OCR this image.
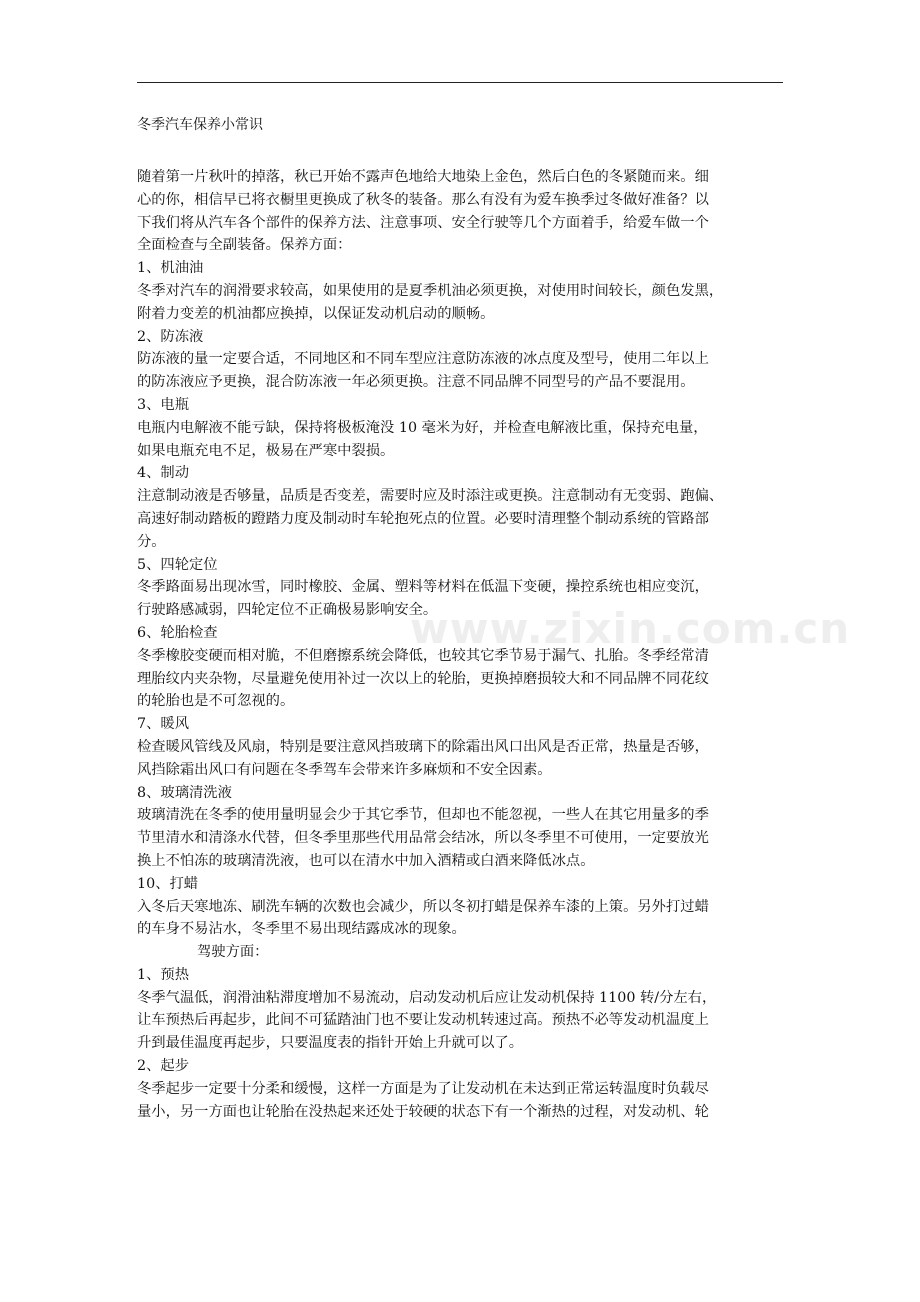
www.zixin.com.cn
冬季汽车保养小常识
随着第一片秋叶的掉落，秋已开始不露声色地给大地染上金色，然后白色的冬紧随而来。细
心的你，相信早已将衣橱里更换成了秋冬的装备。那么有没有为爱车换季过冬做好准备？以
下我们将从汽车各个部件的保养方法、注意事项、安全行驶等几个方面着手，给爱车做一个
全面检查与全副装备。保养方面：
1、机油油
冬季对汽车的润滑要求较高，如果使用的是夏季机油必须更换，对使用时间较长，颜色发黑，
附着力变差的机油都应换掉，以保证发动机启动的顺畅。
2、防冻液
防冻液的量一定要合适，不同地区和不同车型应注意防冻液的冰点度及型号，使用二年以上
的防冻液应予更换，混合防冻液一年必须更换。注意不同品牌不同型号的产品不要混用。
3、电瓶
电瓶内电解液不能亏缺，保持将极板淹没 10 毫米为好，并检查电解液比重，保持充电量，
如果电瓶充电不足，极易在严寒中裂损。
4、制动
注意制动液是否够量，品质是否变差，需要时应及时添注或更换。注意制动有无变弱、跑偏、
高速好制动踏板的蹬踏力度及制动时车轮抱死点的位置。必要时清理整个制动系统的管路部
分。
5、四轮定位
冬季路面易出现冰雪，同时橡胶、金属、塑料等材料在低温下变硬，操控系统也相应变沉，
行驶路感减弱，四轮定位不正确极易影响安全。
6、轮胎检查
冬季橡胶变硬而相对脆，不但磨擦系统会降低，也较其它季节易于漏气、扎胎。冬季经常清
理胎纹内夹杂物，尽量避免使用补过一次以上的轮胎，更换掉磨损较大和不同品牌不同花纹
的轮胎也是不可忽视的。
7、暖风
检查暖风管线及风扇，特别是要注意风挡玻璃下的除霜出风口出风是否正常，热量是否够，
风挡除霜出风口有问题在冬季驾车会带来许多麻烦和不安全因素。
8、玻璃清洗液
玻璃清洗在冬季的使用量明显会少于其它季节，但却也不能忽视，一些人在其它用量多的季
节里清水和清涤水代替，但冬季里那些代用品常会结冰，所以冬季里不可使用，一定要放光
换上不怕冻的玻璃清洗液，也可以在清水中加入酒精或白酒来降低冰点。
10、打蜡
入冬后天寒地冻、刷洗车辆的次数也会减少，所以冬初打蜡是保养车漆的上策。另外打过蜡
的车身不易沾水，冬季里不易出现结露成冰的现象。
驾驶方面：
1、预热
冬季气温低，润滑油粘滞度增加不易流动，启动发动机后应让发动机保持 1100 转/分左右，
让车预热后再起步，此间不可猛踏油门也不要让发动机转速过高。预热不必等发动机温度上
升到最佳温度再起步，只要温度表的指针开始上升就可以了。
2、起步
冬季起步一定要十分柔和缓慢，这样一方面是为了让发动机在未达到正常运转温度时负载尽
量小，另一方面也让轮胎在没热起来还处于较硬的状态下有一个渐热的过程，对发动机、轮
